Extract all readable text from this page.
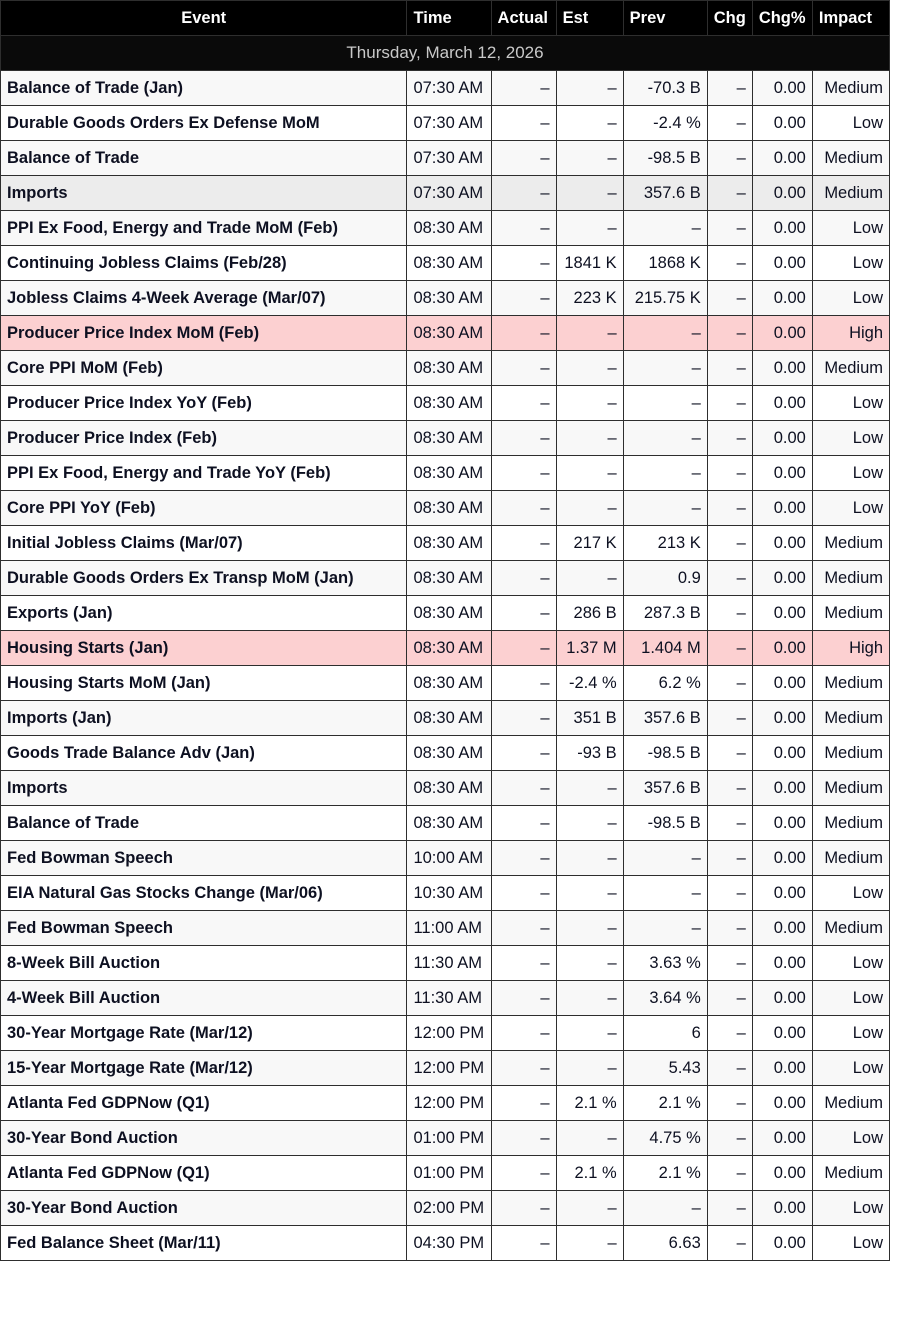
Event	Time	Actual	Est	Prev	Chg	Chg%	Impact
Thursday, March 12, 2026							
Balance of Trade (Jan)	07:30 AM	–	–	-70.3 B	–	0.00	Medium
Durable Goods Orders Ex Defense MoM	07:30 AM	–	–	-2.4 %	–	0.00	Low
Balance of Trade	07:30 AM	–	–	-98.5 B	–	0.00	Medium
Imports	07:30 AM	–	–	357.6 B	–	0.00	Medium
PPI Ex Food, Energy and Trade MoM (Feb)	08:30 AM	–	–	–	–	0.00	Low
Continuing Jobless Claims (Feb/28)	08:30 AM	–	1841 K	1868 K	–	0.00	Low
Jobless Claims 4-Week Average (Mar/07)	08:30 AM	–	223 K	215.75 K	–	0.00	Low
Producer Price Index MoM (Feb)	08:30 AM	–	–	–	–	0.00	High
Core PPI MoM (Feb)	08:30 AM	–	–	–	–	0.00	Medium
Producer Price Index YoY (Feb)	08:30 AM	–	–	–	–	0.00	Low
Producer Price Index (Feb)	08:30 AM	–	–	–	–	0.00	Low
PPI Ex Food, Energy and Trade YoY (Feb)	08:30 AM	–	–	–	–	0.00	Low
Core PPI YoY (Feb)	08:30 AM	–	–	–	–	0.00	Low
Initial Jobless Claims (Mar/07)	08:30 AM	–	217 K	213 K	–	0.00	Medium
Durable Goods Orders Ex Transp MoM (Jan)	08:30 AM	–	–	0.9	–	0.00	Medium
Exports (Jan)	08:30 AM	–	286 B	287.3 B	–	0.00	Medium
Housing Starts (Jan)	08:30 AM	–	1.37 M	1.404 M	–	0.00	High
Housing Starts MoM (Jan)	08:30 AM	–	-2.4 %	6.2 %	–	0.00	Medium
Imports (Jan)	08:30 AM	–	351 B	357.6 B	–	0.00	Medium
Goods Trade Balance Adv (Jan)	08:30 AM	–	-93 B	-98.5 B	–	0.00	Medium
Imports	08:30 AM	–	–	357.6 B	–	0.00	Medium
Balance of Trade	08:30 AM	–	–	-98.5 B	–	0.00	Medium
Fed Bowman Speech	10:00 AM	–	–	–	–	0.00	Medium
EIA Natural Gas Stocks Change (Mar/06)	10:30 AM	–	–	–	–	0.00	Low
Fed Bowman Speech	11:00 AM	–	–	–	–	0.00	Medium
8-Week Bill Auction	11:30 AM	–	–	3.63 %	–	0.00	Low
4-Week Bill Auction	11:30 AM	–	–	3.64 %	–	0.00	Low
30-Year Mortgage Rate (Mar/12)	12:00 PM	–	–	6	–	0.00	Low
15-Year Mortgage Rate (Mar/12)	12:00 PM	–	–	5.43	–	0.00	Low
Atlanta Fed GDPNow (Q1)	12:00 PM	–	2.1 %	2.1 %	–	0.00	Medium
30-Year Bond Auction	01:00 PM	–	–	4.75 %	–	0.00	Low
Atlanta Fed GDPNow (Q1)	01:00 PM	–	2.1 %	2.1 %	–	0.00	Medium
30-Year Bond Auction	02:00 PM	–	–	–	–	0.00	Low
Fed Balance Sheet (Mar/11)	04:30 PM	–	–	6.63	–	0.00	Low
